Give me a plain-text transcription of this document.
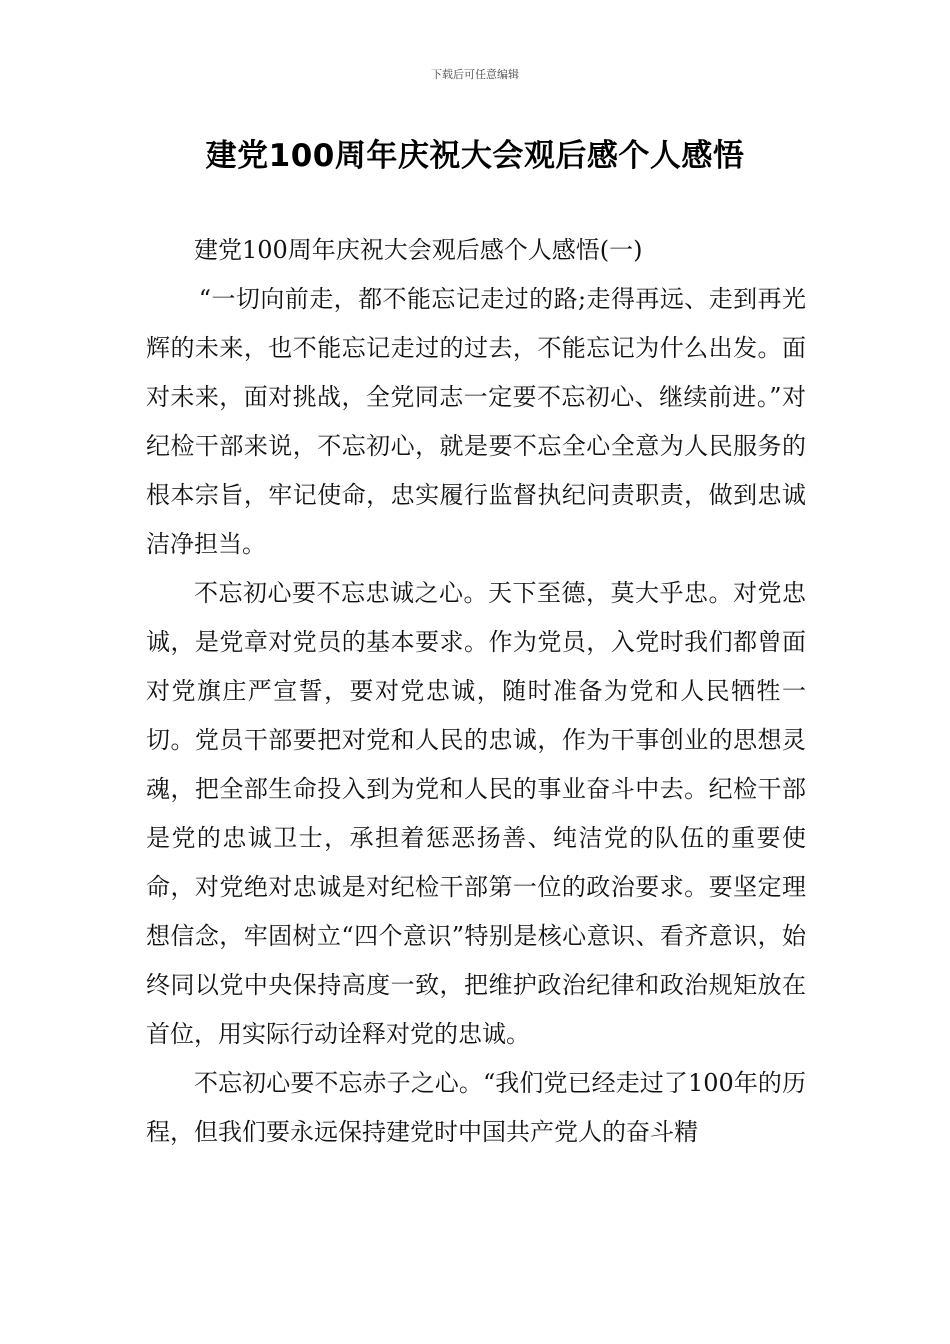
下载后可任意编辑
建党100周年庆祝大会观后感个人感悟

建党100周年庆祝大会观后感个人感悟(一)

“一切向前走，都不能忘记走过的路;走得再远、走到再光辉的未来，也不能忘记走过的过去，不能忘记为什么出发。面对未来，面对挑战，全党同志一定要不忘初心、继续前进。”对纪检干部来说，不忘初心，就是要不忘全心全意为人民服务的根本宗旨，牢记使命，忠实履行监督执纪问责职责，做到忠诚洁净担当。

不忘初心要不忘忠诚之心。天下至德，莫大乎忠。对党忠诚，是党章对党员的基本要求。作为党员，入党时我们都曾面对党旗庄严宣誓，要对党忠诚，随时准备为党和人民牺牲一切。党员干部要把对党和人民的忠诚，作为干事创业的思想灵魂，把全部生命投入到为党和人民的事业奋斗中去。纪检干部是党的忠诚卫士，承担着惩恶扬善、纯洁党的队伍的重要使命，对党绝对忠诚是对纪检干部第一位的政治要求。要坚定理想信念，牢固树立“四个意识”特别是核心意识、看齐意识，始终同以党中央保持高度一致，把维护政治纪律和政治规矩放在首位，用实际行动诠释对党的忠诚。

不忘初心要不忘赤子之心。“我们党已经走过了100年的历程，但我们要永远保持建党时中国共产党人的奋斗精
